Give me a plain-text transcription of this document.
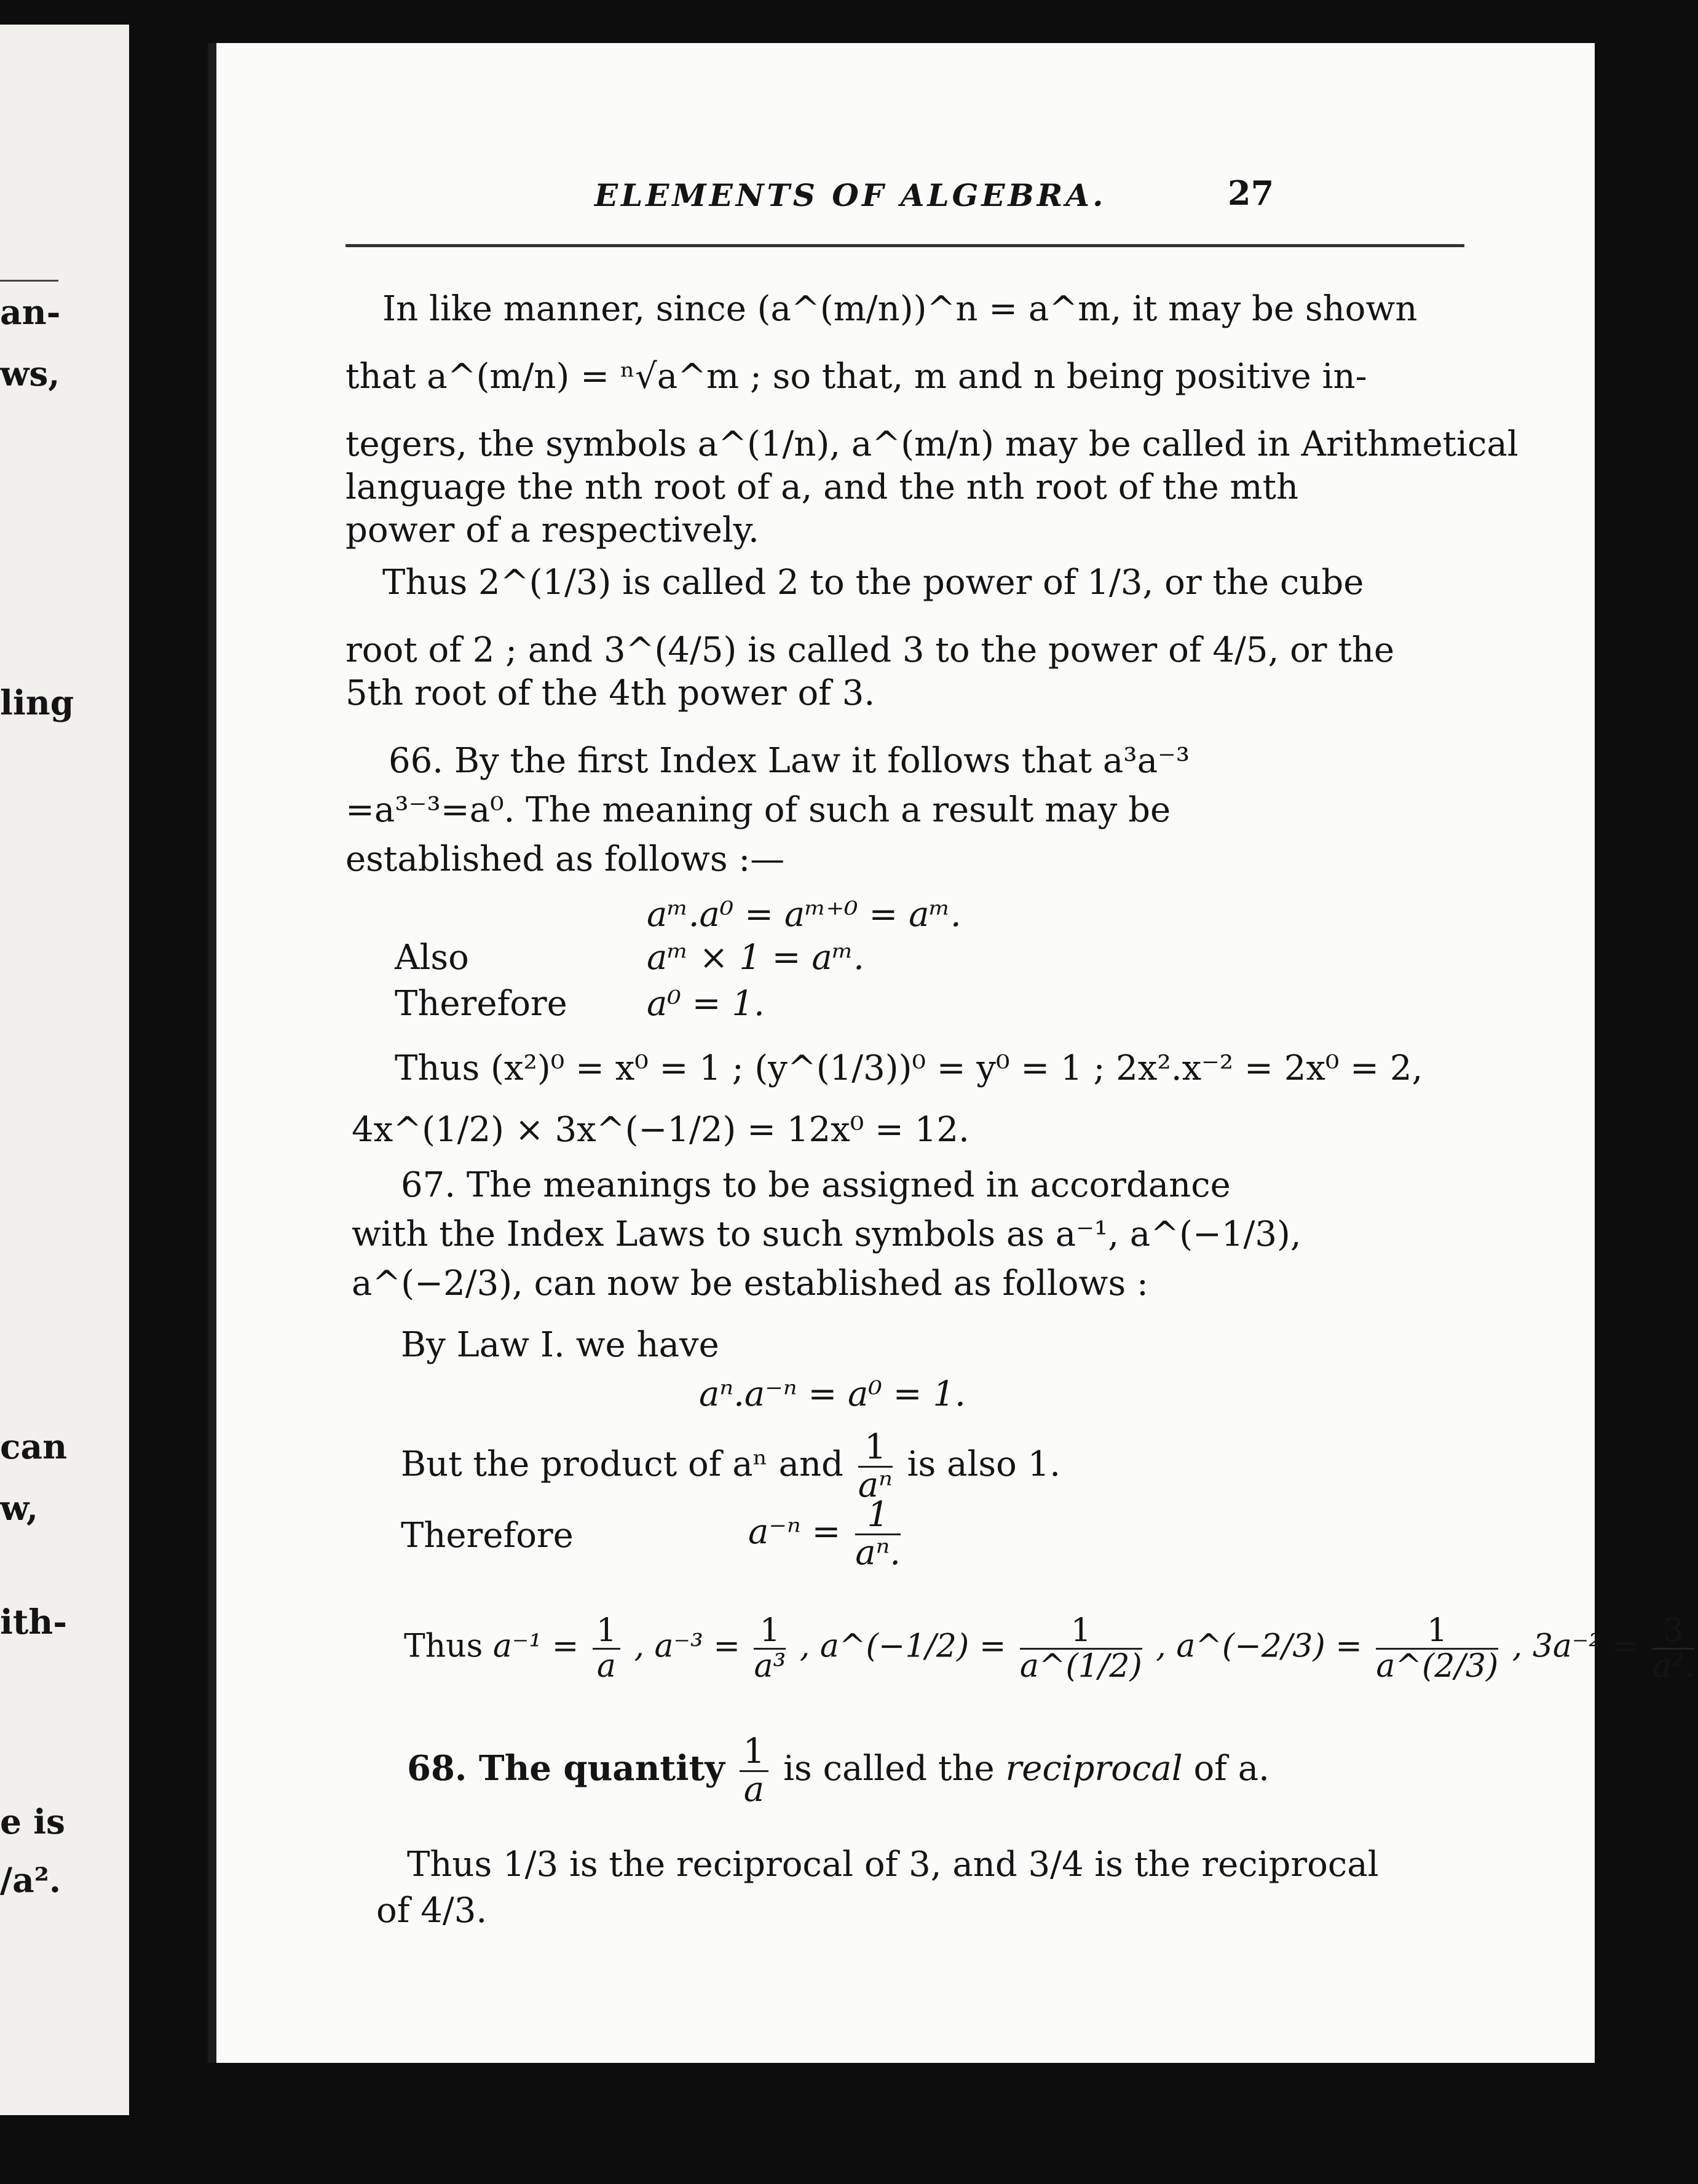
an-
ws,
ling
can
w,
ith-
e is
/a².
ELEMENTS OF ALGEBRA.	27
In like manner, since (a^(m/n))^n = a^m, it may be shown
that a^(m/n) = ⁿ√a^m ; so that, m and n being positive in-
tegers, the symbols a^(1/n), a^(m/n) may be called in Arithmetical
language the nth root of a, and the nth root of the mth
power of a respectively.
Thus 2^(1/3) is called 2 to the power of 1/3, or the cube
root of 2 ; and 3^(4/5) is called 3 to the power of 4/5, or the
5th root of the 4th power of 3.
66. By the first Index Law it follows that a³a⁻³
=a³⁻³=a⁰. The meaning of such a result may be
established as follows :—
aᵐ.a⁰ = aᵐ⁺⁰ = aᵐ.
Also	aᵐ × 1 = aᵐ.
Therefore a⁰ = 1.
Thus (x²)⁰ = x⁰ = 1 ; (y^(1/3))⁰ = y⁰ = 1 ; 2x².x⁻² = 2x⁰ = 2,
4x^(1/2) × 3x^(−1/2) = 12x⁰ = 12.
67. The meanings to be assigned in accordance
with the Index Laws to such symbols as a⁻¹, a^(−1/3),
a^(−2/3), can now be established as follows :
By Law I. we have
aⁿ.a⁻ⁿ = a⁰ = 1.
But the product of aⁿ and $\frac{1}{\text{aⁿ}}$ is also 1.
Therefore	$a^{-n} = \frac{1}{\text{aⁿ.}}$
Thus $a^{-1} = \frac{1}{a}$ , $a^{-3} = \frac{1}{\text{a³}}$ , a^(−1/2) = $\frac{1}{a\^{}(1/2)}$ , a^(−2/3) = $\frac{1}{a\^{}(2/3)}$ , $3a^{-2} = \frac{3}{\text{a².}}$
68. The quantity $\frac{1}{a}$ is called the reciprocal of a.
Thus 1/3 is the reciprocal of 3, and 3/4 is the reciprocal
of 4/3.
